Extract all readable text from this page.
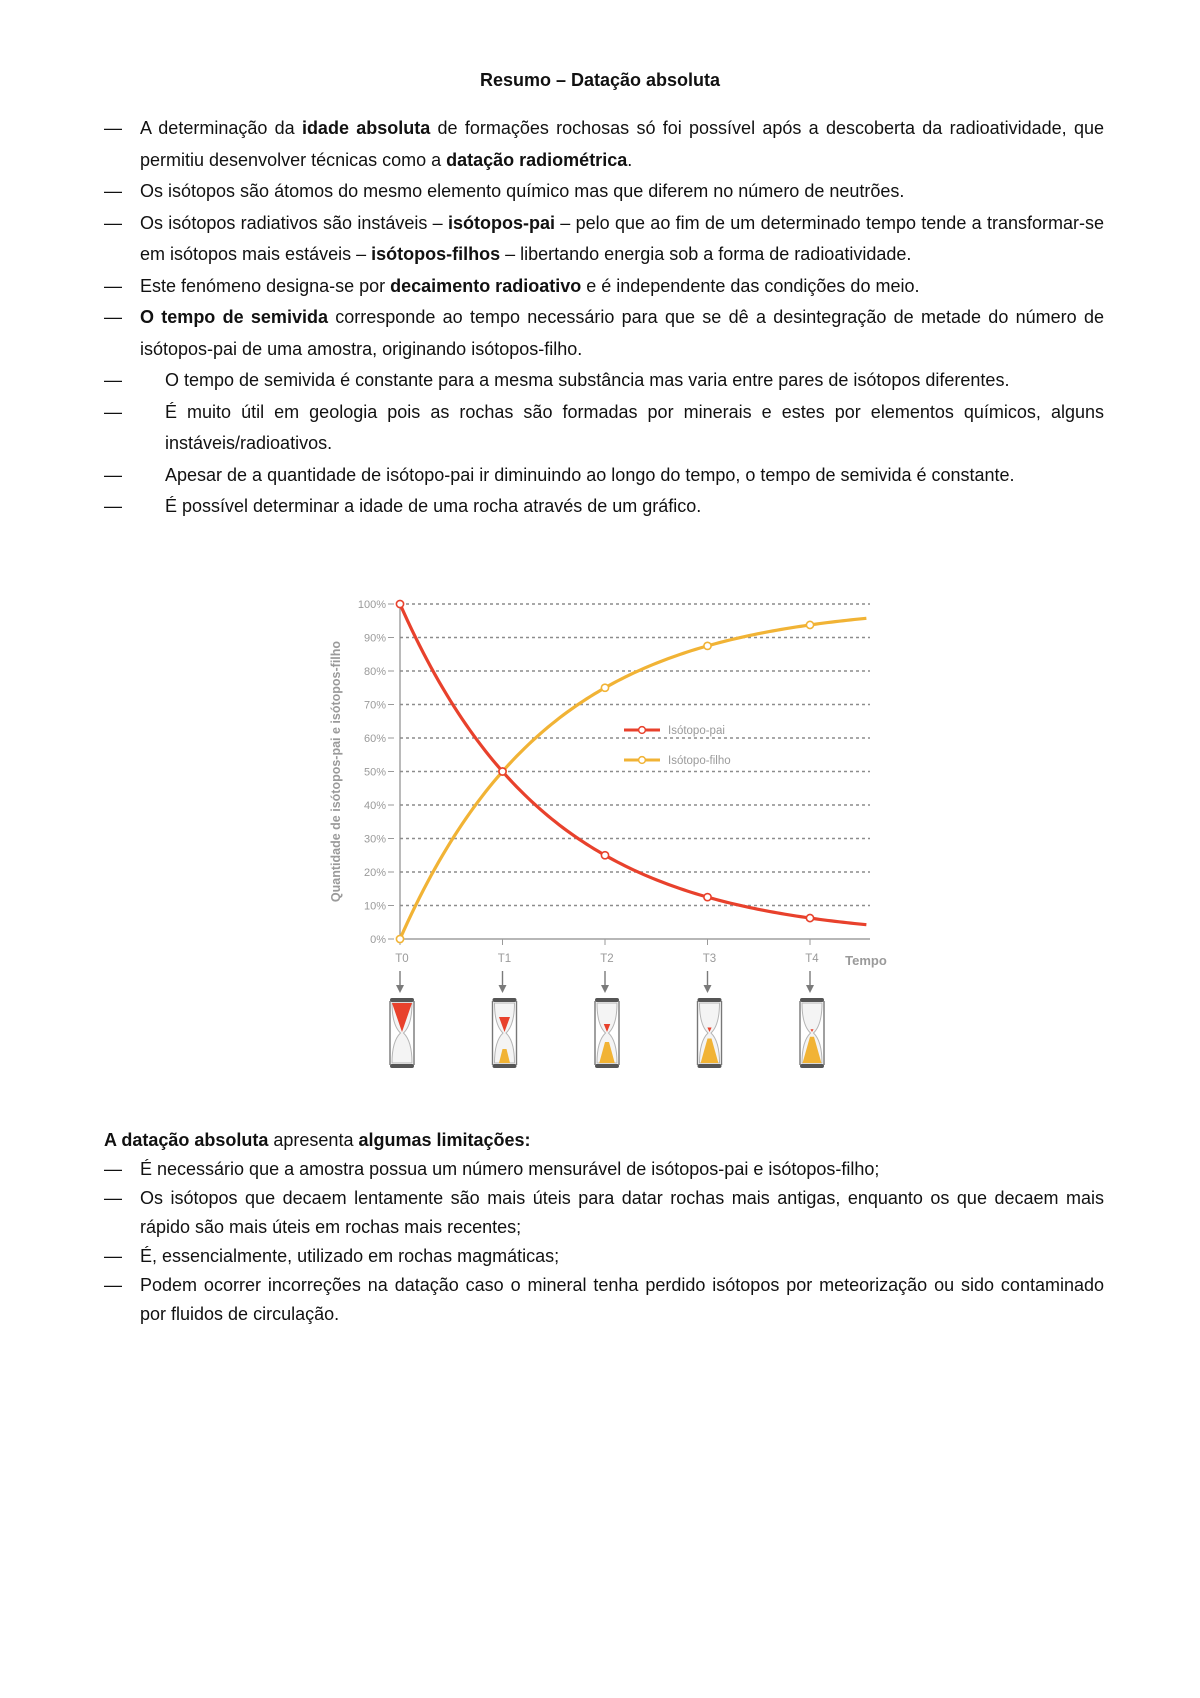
Resumo – Datação absoluta
— A determinação da idade absoluta de formações rochosas só foi possível após a descoberta da radioatividade, que permitiu desenvolver técnicas como a datação radiométrica.
— Os isótopos são átomos do mesmo elemento químico mas que diferem no número de neutrões.
— Os isótopos radiativos são instáveis – isótopos-pai – pelo que ao fim de um determinado tempo tende a transformar-se em isótopos mais estáveis – isótopos-filhos – libertando energia sob a forma de radioatividade.
— Este fenómeno designa-se por decaimento radioativo e é independente das condições do meio.
— O tempo de semivida corresponde ao tempo necessário para que se dê a desintegração de metade do número de isótopos-pai de uma amostra, originando isótopos-filho.
— O tempo de semivida é constante para a mesma substância mas varia entre pares de isótopos diferentes.
— É muito útil em geologia pois as rochas são formadas por minerais e estes por elementos químicos, alguns instáveis/radioativos.
— Apesar de a quantidade de isótopo-pai ir diminuindo ao longo do tempo, o tempo de semivida é constante.
— É possível determinar a idade de uma rocha através de um gráfico.
Quantidade de isótopos-pai e isótopos-filho
0%
10%
20%
30%
40%
50%
60%
70%
80%
90%
100%
T0	T1	T2	T3	T4 Tempo
Isótopo-pai
Isótopo-filho
A datação absoluta apresenta algumas limitações:
— É necessário que a amostra possua um número mensurável de isótopos-pai e isótopos-filho;
— Os isótopos que decaem lentamente são mais úteis para datar rochas mais antigas, enquanto os que decaem mais rápido são mais úteis em rochas mais recentes;
— É, essencialmente, utilizado em rochas magmáticas;
— Podem ocorrer incorreções na datação caso o mineral tenha perdido isótopos por meteorização ou sido contaminado por fluidos de circulação.
